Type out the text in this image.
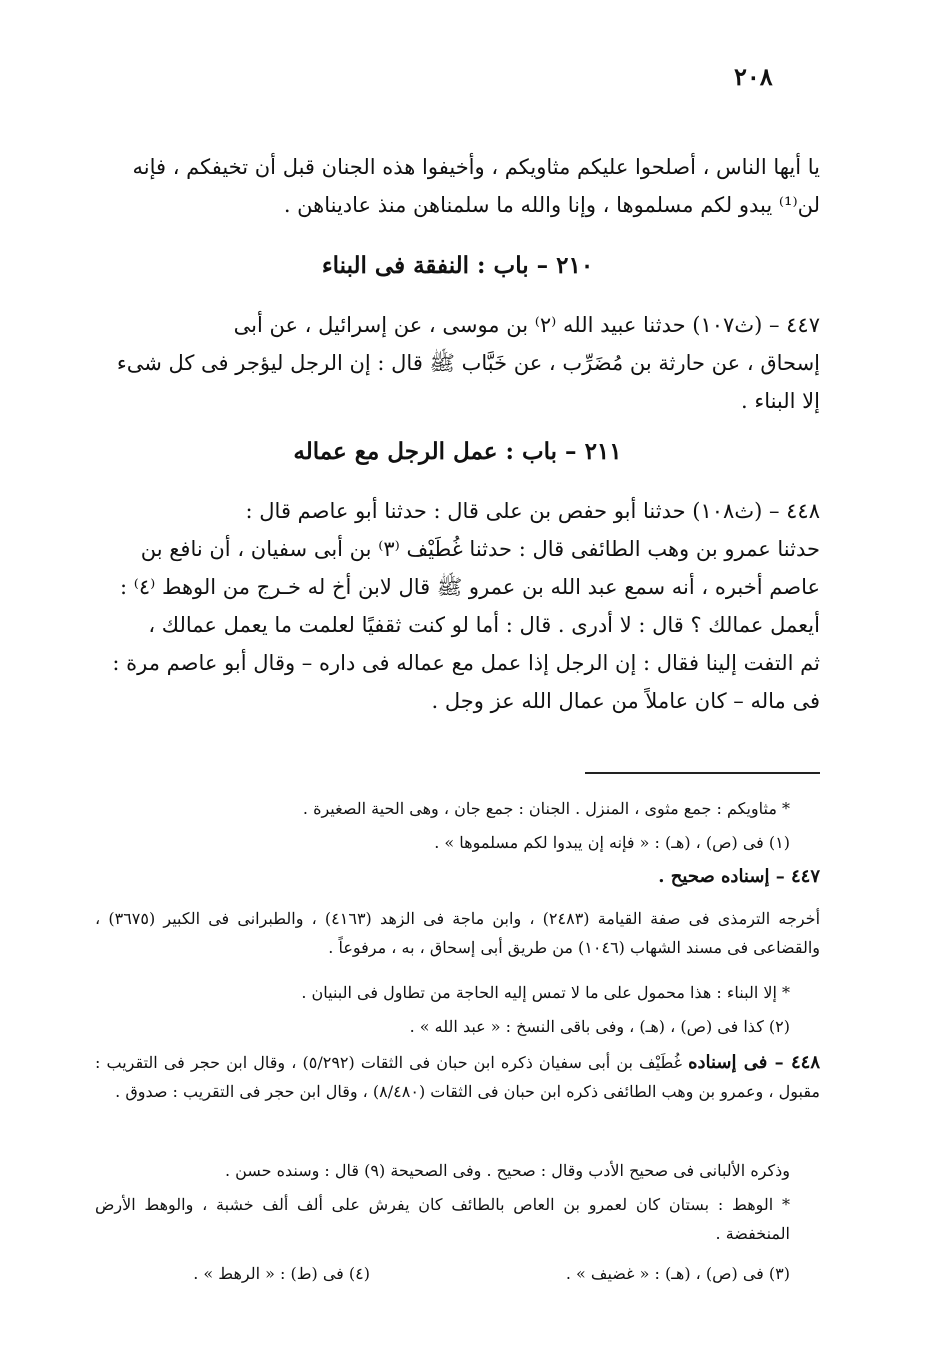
٢٠٨

يا أيها الناس ، أصلحوا عليكم مثاويكم ، وأخيفوا هذه الجنان قبل أن تخيفكم ، فإنه

لن⁽¹⁾ يبدو لكم مسلموها ، وإنا والله ما سلمناهن منذ عاديناهن .

٢١٠ – باب : النفقة فى البناء

٤٤٧ – (ث١٠٧) حدثنا عبيد الله ⁽٢⁾ بن موسى ، عن إسرائيل ، عن أبى

إسحاق ، عن حارثة بن مُضَرِّب ، عن خَبَّاب ﷺ قال : إن الرجل ليؤجر فى كل شىء

إلا البناء .

٢١١ – باب : عمل الرجل مع عماله

٤٤٨ – (ث١٠٨) حدثنا أبو حفص بن على قال : حدثنا أبو عاصم قال :

حدثنا عمرو بن وهب الطائفى قال : حدثنا غُطَيْف ⁽٣⁾ بن أبى سفيان ، أن نافع بن

عاصم أخبره ، أنه سمع عبد الله بن عمرو ﷺ قال لابن أخ له خـرج من الوهط ⁽٤⁾ :

أيعمل عمالك ؟ قال : لا أدرى . قال : أما لو كنت ثقفيًا لعلمت ما يعمل عمالك ،

ثم التفت إلينا فقال : إن الرجل إذا عمل مع عماله فى داره – وقال أبو عاصم مرة :

فى ماله – كان عاملاً من عمال الله عز وجل .

* مثاويكم : جمع مثوى ، المنزل . الجنان : جمع جان ، وهى الحية الصغيرة .
(١) فى (ص) ، (هـ) : « فإنه إن يبدوا لكم مسلموها » .
٤٤٧ – إسناده صحيح .
أخرجه الترمذى فى صفة القيامة (٢٤٨٣) ، وابن ماجة فى الزهد (٤١٦٣) ، والطبرانى فى الكبير (٣٦٧٥) ، والقضاعى فى مسند الشهاب (١٠٤٦) من طريق أبى إسحاق ، به ، مرفوعاً .
* إلا البناء : هذا محمول على ما لا تمس إليه الحاجة من تطاول فى البنيان .
(٢) كذا فى (ص) ، (هـ) ، وفى باقى النسخ : « عبد الله » .
٤٤٨ – فى إسناده غُطَيْف بن أبى سفيان ذكره ابن حبان فى الثقات (٥/٢٩٢) ، وقال ابن حجر فى التقريب : مقبول ، وعمرو بن وهب الطائفى ذكره ابن حبان فى الثقات (٨/٤٨٠) ، وقال ابن حجر فى التقريب : صدوق .
وذكره الألبانى فى صحيح الأدب وقال : صحيح . وفى الصحيحة (٩) قال : وسنده حسن .
* الوهط : بستان كان لعمرو بن العاص بالطائف كان يفرش على ألف ألف خشبة ، والوهط الأرض المنخفضة .
(٣) فى (ص) ، (هـ) : « غضيف » .
(٤) فى (ط) : « الرهط » .
